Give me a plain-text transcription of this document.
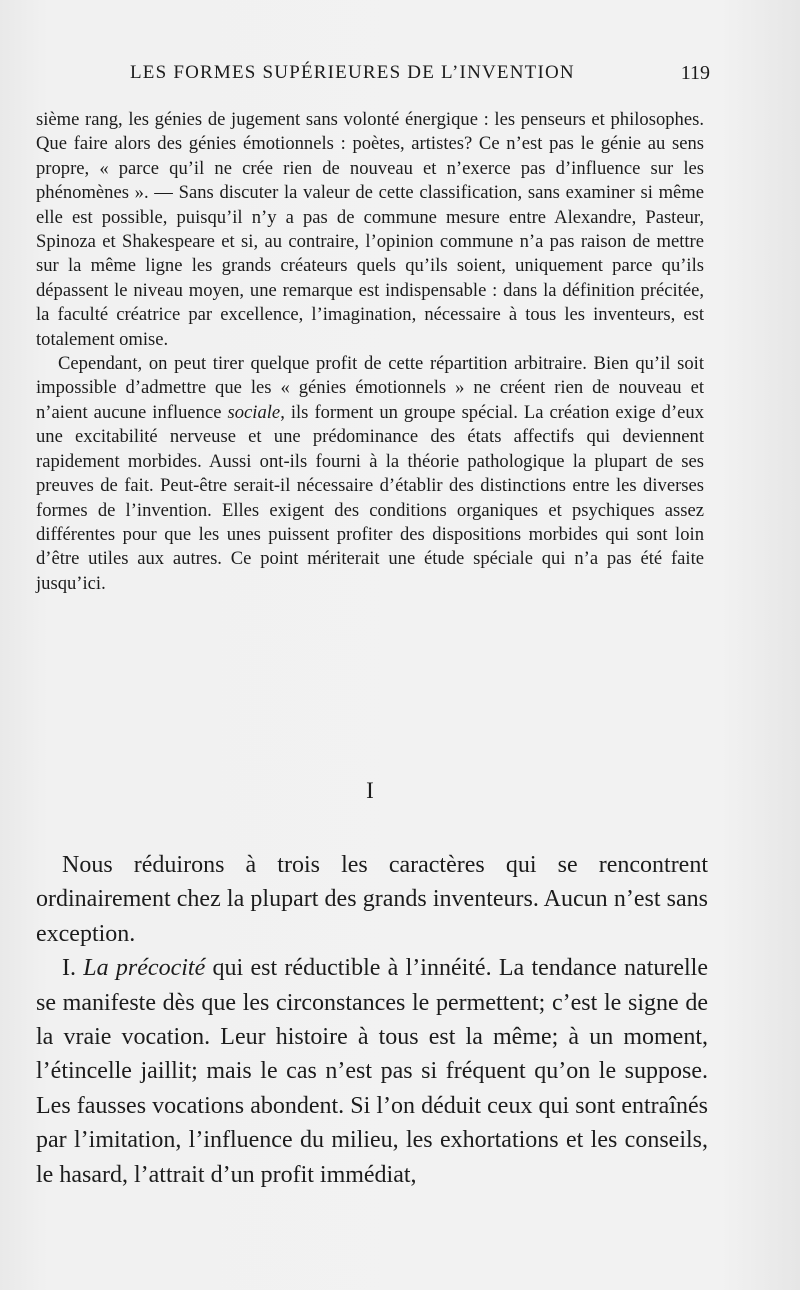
LES FORMES SUPÉRIEURES DE L’INVENTION	119

sième rang, les génies de jugement sans volonté énergique : les penseurs et philosophes. Que faire alors des génies émotionnels : poètes, artistes? Ce n’est pas le génie au sens propre, « parce qu’il ne crée rien de nouveau et n’exerce pas d’influence sur les phénomènes ». — Sans discuter la valeur de cette classification, sans examiner si même elle est possible, puisqu’il n’y a pas de commune mesure entre Alexandre, Pasteur, Spinoza et Shakespeare et si, au contraire, l’opinion commune n’a pas raison de mettre sur la même ligne les grands créateurs quels qu’ils soient, uniquement parce qu’ils dépassent le niveau moyen, une remarque est indispensable : dans la définition précitée, la faculté créatrice par excellence, l’imagination, nécessaire à tous les inventeurs, est totalement omise.

Cependant, on peut tirer quelque profit de cette répartition arbitraire. Bien qu’il soit impossible d’admettre que les « génies émotionnels » ne créent rien de nouveau et n’aient aucune influence sociale, ils forment un groupe spécial. La création exige d’eux une excitabilité nerveuse et une prédominance des états affectifs qui deviennent rapidement morbides. Aussi ont-ils fourni à la théorie pathologique la plupart de ses preuves de fait. Peut-être serait-il nécessaire d’établir des distinctions entre les diverses formes de l’invention. Elles exigent des conditions organiques et psychiques assez différentes pour que les unes puissent profiter des dispositions morbides qui sont loin d’être utiles aux autres. Ce point mériterait une étude spéciale qui n’a pas été faite jusqu’ici.

I

Nous réduirons à trois les caractères qui se rencontrent ordinairement chez la plupart des grands inventeurs. Aucun n’est sans exception.

I. La précocité qui est réductible à l’innéité. La tendance naturelle se manifeste dès que les circonstances le permettent; c’est le signe de la vraie vocation. Leur histoire à tous est la même; à un moment, l’étincelle jaillit; mais le cas n’est pas si fréquent qu’on le suppose. Les fausses vocations abondent. Si l’on déduit ceux qui sont entraînés par l’imitation, l’influence du milieu, les exhortations et les conseils, le hasard, l’attrait d’un profit immédiat,
